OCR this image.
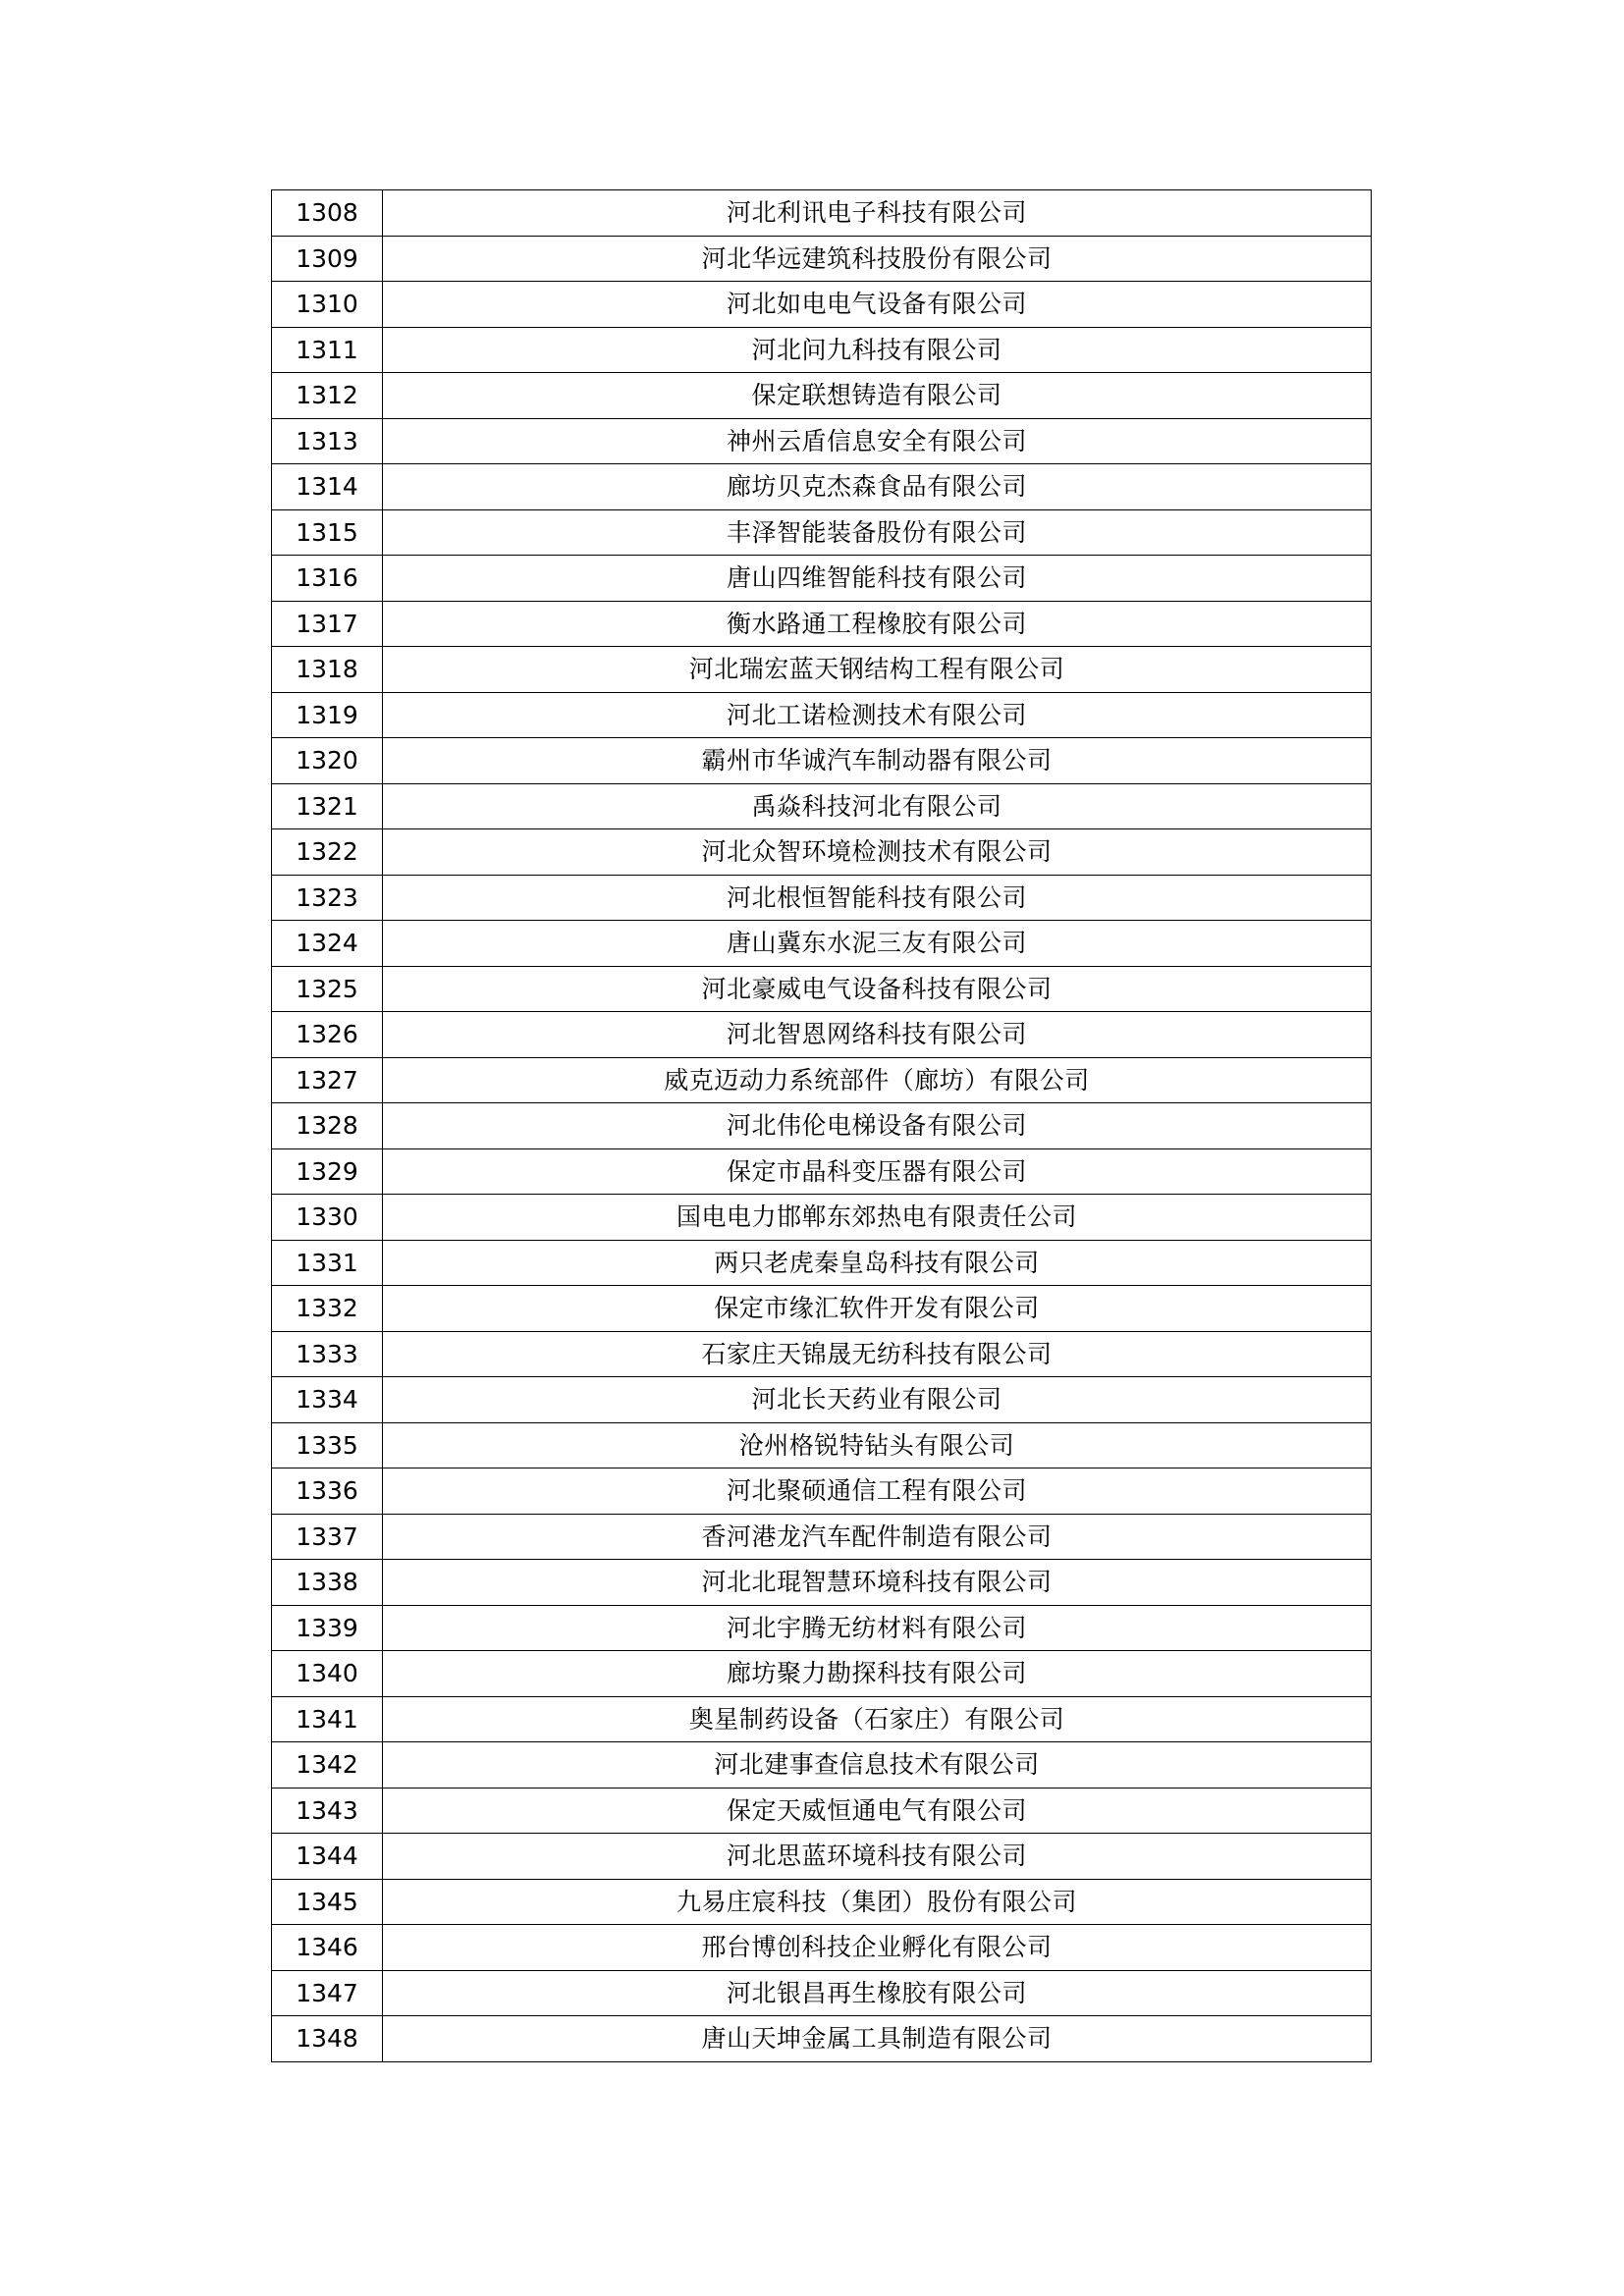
1308	河北利讯电子科技有限公司
1309	河北华远建筑科技股份有限公司
1310	河北如电电气设备有限公司
1311	河北问九科技有限公司
1312	保定联想铸造有限公司
1313	神州云盾信息安全有限公司
1314	廊坊贝克杰森食品有限公司
1315	丰泽智能装备股份有限公司
1316	唐山四维智能科技有限公司
1317	衡水路通工程橡胶有限公司
1318	河北瑞宏蓝天钢结构工程有限公司
1319	河北工诺检测技术有限公司
1320	霸州市华诚汽车制动器有限公司
1321	禹焱科技河北有限公司
1322	河北众智环境检测技术有限公司
1323	河北根恒智能科技有限公司
1324	唐山冀东水泥三友有限公司
1325	河北豪威电气设备科技有限公司
1326	河北智恩网络科技有限公司
1327	威克迈动力系统部件（廊坊）有限公司
1328	河北伟伦电梯设备有限公司
1329	保定市晶科变压器有限公司
1330	国电电力邯郸东郊热电有限责任公司
1331	两只老虎秦皇岛科技有限公司
1332	保定市缘汇软件开发有限公司
1333	石家庄天锦晟无纺科技有限公司
1334	河北长天药业有限公司
1335	沧州格锐特钻头有限公司
1336	河北聚硕通信工程有限公司
1337	香河港龙汽车配件制造有限公司
1338	河北北琨智慧环境科技有限公司
1339	河北宇腾无纺材料有限公司
1340	廊坊聚力勘探科技有限公司
1341	奥星制药设备（石家庄）有限公司
1342	河北建事查信息技术有限公司
1343	保定天威恒通电气有限公司
1344	河北思蓝环境科技有限公司
1345	九易庄宸科技（集团）股份有限公司
1346	邢台博创科技企业孵化有限公司
1347	河北银昌再生橡胶有限公司
1348	唐山天坤金属工具制造有限公司
